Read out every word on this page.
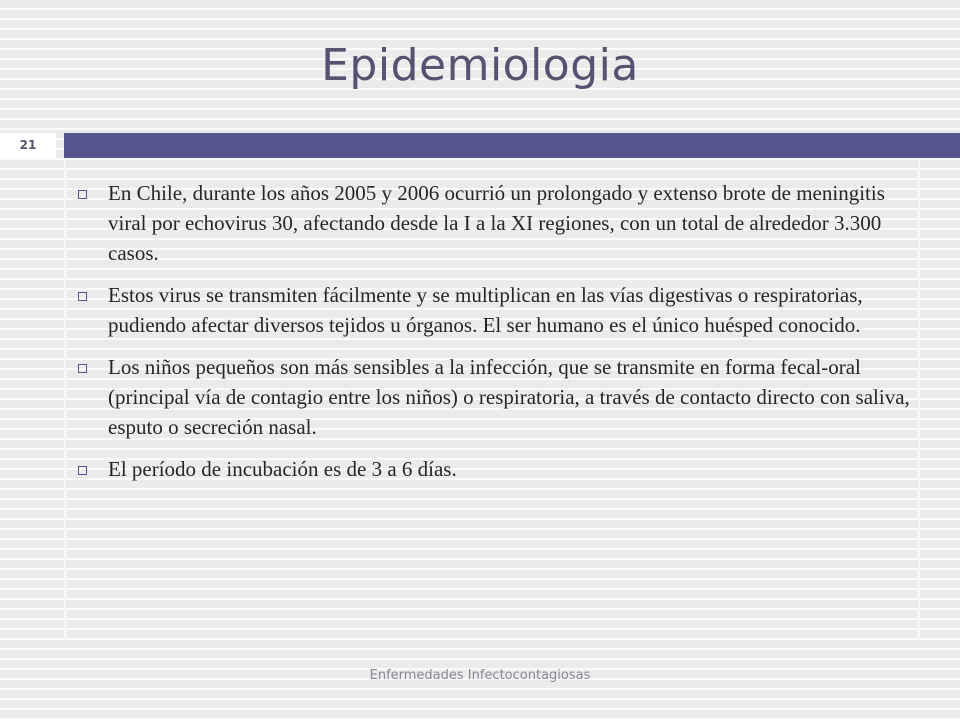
Epidemiologia
21
En Chile, durante los años 2005 y 2006 ocurrió un prolongado y extenso brote de meningitis viral por echovirus 30, afectando desde la I a la XI regiones, con un total de alrededor 3.300 casos.
Estos virus se transmiten fácilmente y se multiplican en las vías digestivas o respiratorias, pudiendo afectar diversos tejidos u órganos. El ser humano es el único huésped conocido.
Los niños pequeños son más sensibles a la infección, que se transmite en forma fecal-oral (principal vía de contagio entre los niños) o respiratoria, a través de contacto directo con saliva, esputo o secreción nasal.
El período de incubación es de 3 a 6 días.
Enfermedades Infectocontagiosas
